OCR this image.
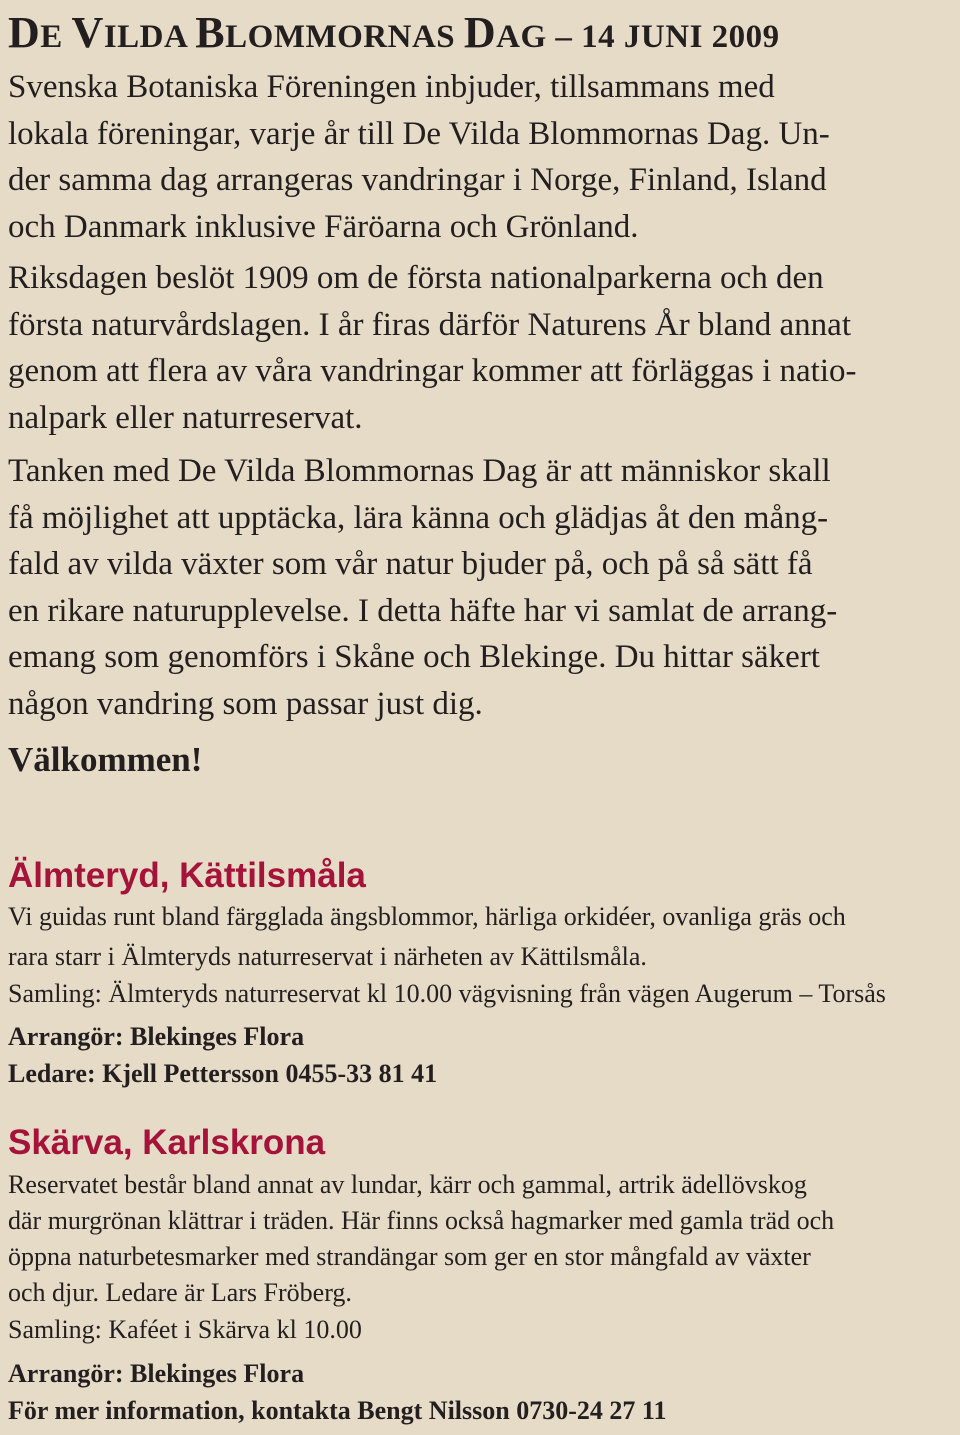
DE VILDA BLOMMORNAS DAG – 14 JUNI 2009
Svenska Botaniska Föreningen inbjuder, tillsammans med
lokala föreningar, varje år till De Vilda Blommornas Dag. Un-
der samma dag arrangeras vandringar i Norge, Finland, Island
och Danmark inklusive Färöarna och Grönland.
Riksdagen beslöt 1909 om de första nationalparkerna och den
första naturvårdslagen. I år firas därför Naturens År bland annat
genom att flera av våra vandringar kommer att förläggas i natio-
nalpark eller naturreservat.
Tanken med De Vilda Blommornas Dag är att människor skall
få möjlighet att upptäcka, lära känna och glädjas åt den mång-
fald av vilda växter som vår natur bjuder på, och på så sätt få
en rikare naturupplevelse. I detta häfte har vi samlat de arrang-
emang som genomförs i Skåne och Blekinge. Du hittar säkert
någon vandring som passar just dig.
Välkommen!
Älmteryd, Kättilsmåla
Vi guidas runt bland färgglada ängsblommor, härliga orkidéer, ovanliga gräs och
rara starr i Älmteryds naturreservat i närheten av Kättilsmåla.
Samling: Älmteryds naturreservat kl 10.00 vägvisning från vägen Augerum – Torsås
Arrangör: Blekinges Flora
Ledare: Kjell Pettersson 0455-33 81 41
Skärva, Karlskrona
Reservatet består bland annat av lundar, kärr och gammal, artrik ädellövskog
där murgrönan klättrar i träden. Här finns också hagmarker med gamla träd och
öppna naturbetesmarker med strandängar som ger en stor mångfald av växter
och djur. Ledare är Lars Fröberg.
Samling: Kaféet i Skärva kl 10.00
Arrangör: Blekinges Flora
För mer information, kontakta Bengt Nilsson 0730-24 27 11
